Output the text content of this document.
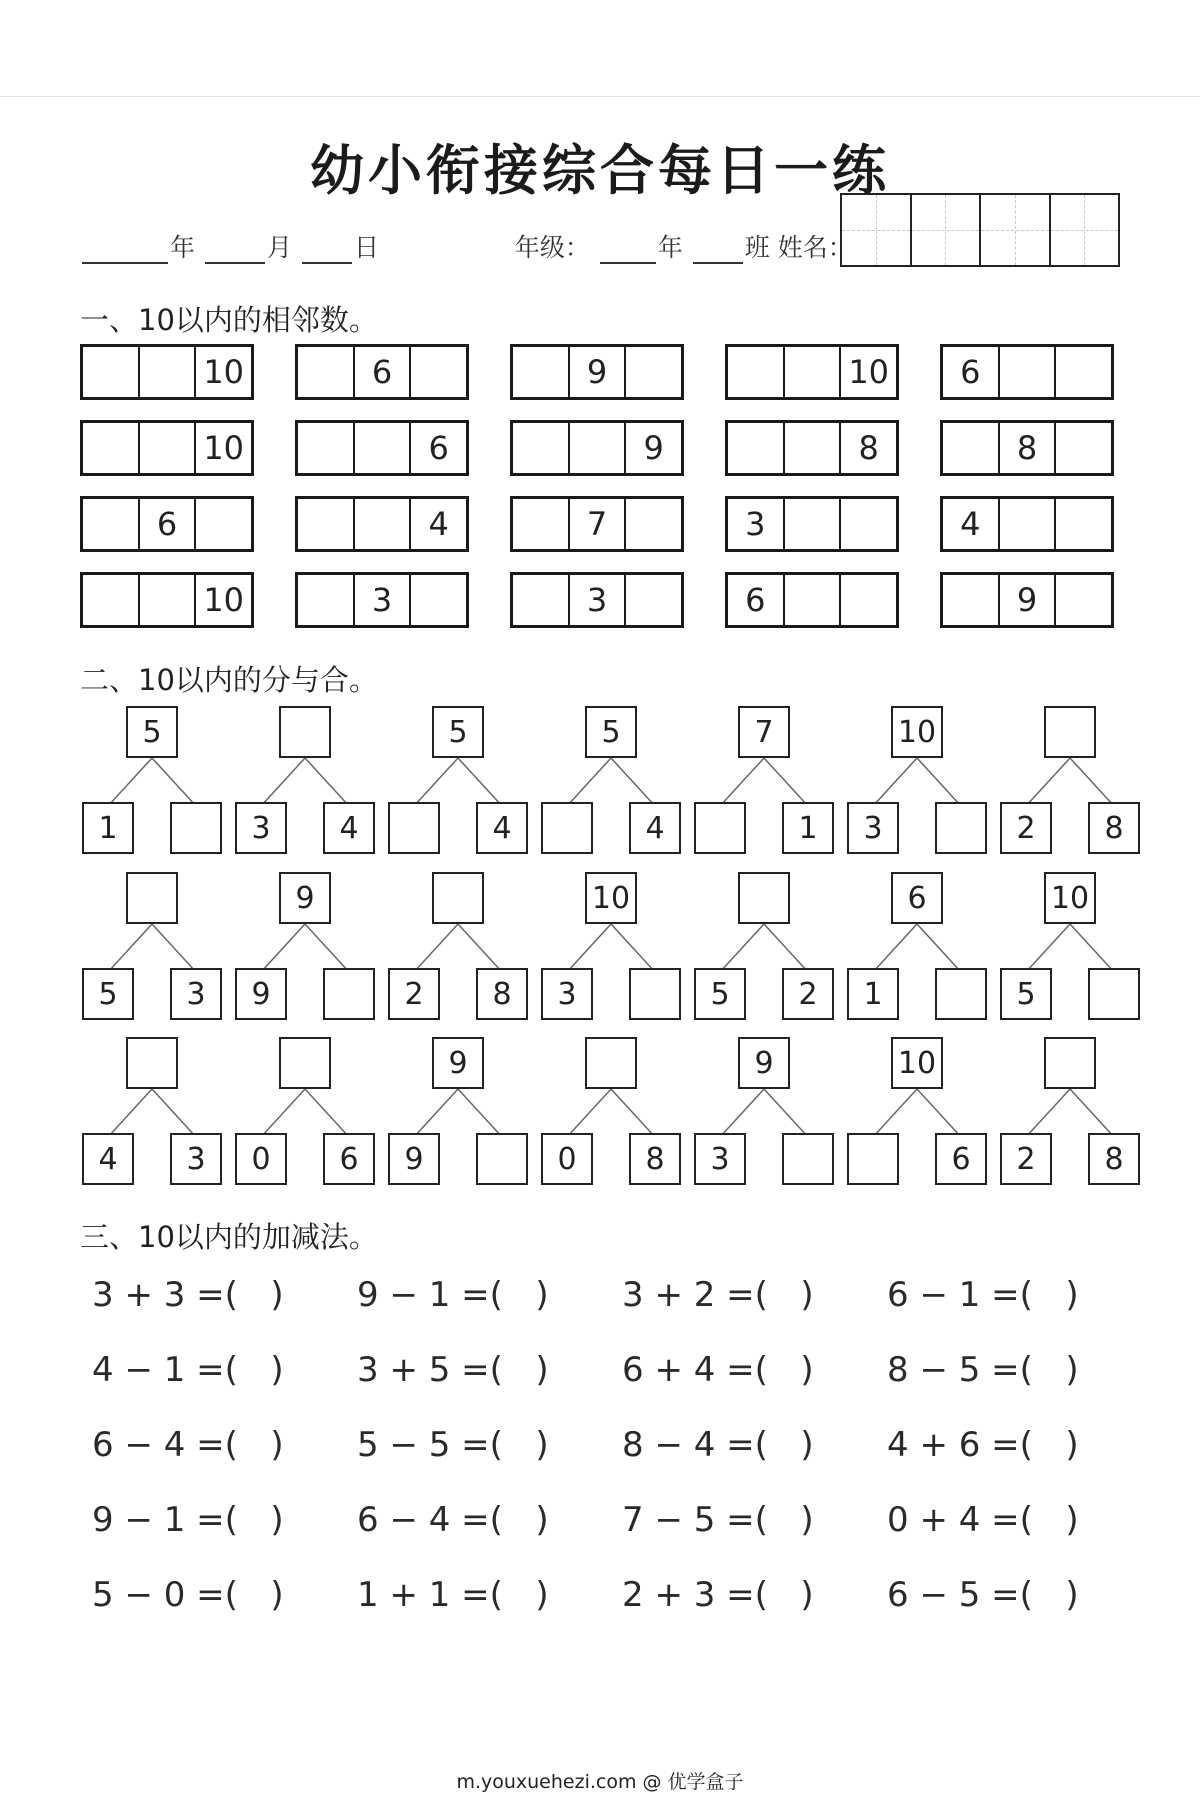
幼小衔接综合每日一练
年	月 日	年级：	年 班 姓名：
一、10以内的相邻数。
10	6	9	10	6
10	6	9	8	8
6	4	7	3	4
10	3	3	6	9
二、10以内的分与合。
5
1	3	4
5
4
5
4
7
1
10
3	2	8
5	3
9
9	2	8
10
3	5	2
6
1
10
5
4	3	0	6
9
9	0	8
9
3
10
6	2	8
三、10以内的加减法。
3 + 3 =(   )	9 − 1 =(   )	3 + 2 =(   )	6 − 1 =(   )
4 − 1 =(   )	3 + 5 =(   )	6 + 4 =(   )	8 − 5 =(   )
6 − 4 =(   )	5 − 5 =(   )	8 − 4 =(   )	4 + 6 =(   )
9 − 1 =(   )	6 − 4 =(   )	7 − 5 =(   )	0 + 4 =(   )
5 − 0 =(   )	1 + 1 =(   )	2 + 3 =(   )	6 − 5 =(   )
m.youxuehezi.com @ 优学盒子
